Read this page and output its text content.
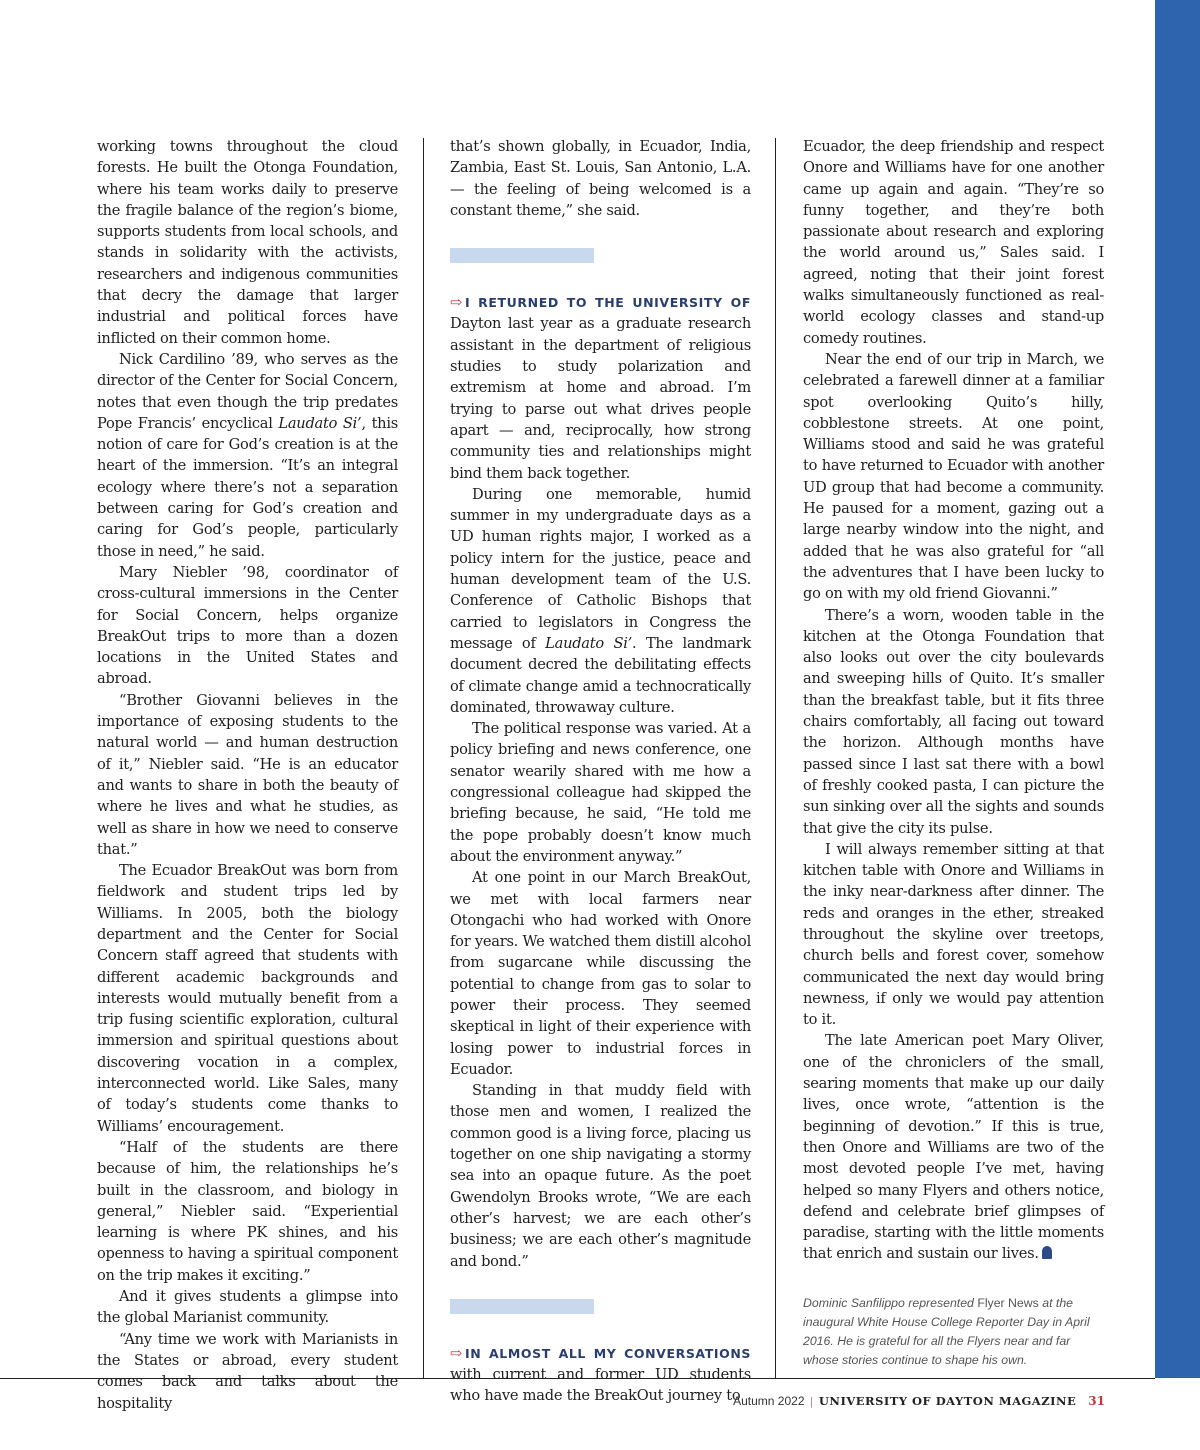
working towns throughout the cloud forests. He built the Otonga Foundation, where his team works daily to preserve the fragile balance of the region’s biome, supports students from local schools, and stands in solidarity with the activists, researchers and indigenous communities that decry the damage that larger industrial and political forces have inflicted on their common home.

Nick Cardilino ’89, who serves as the director of the Center for Social Concern, notes that even though the trip predates Pope Francis’ encyclical Laudato Si’, this notion of care for God’s creation is at the heart of the immersion. “It’s an integral ecology where there’s not a separation between caring for God’s creation and caring for God’s people, particularly those in need,” he said.

Mary Niebler ’98, coordinator of cross-cultural immersions in the Center for Social Concern, helps organize BreakOut trips to more than a dozen locations in the United States and abroad.

“Brother Giovanni believes in the importance of exposing students to the natural world — and human destruction of it,” Niebler said. “He is an educator and wants to share in both the beauty of where he lives and what he studies, as well as share in how we need to conserve that.”

The Ecuador BreakOut was born from fieldwork and student trips led by Williams. In 2005, both the biology department and the Center for Social Concern staff agreed that students with different academic backgrounds and interests would mutually benefit from a trip fusing scientific exploration, cultural immersion and spiritual questions about discovering vocation in a complex, interconnected world. Like Sales, many of today’s students come thanks to Williams’ encouragement.

“Half of the students are there because of him, the relationships he’s built in the classroom, and biology in general,” Niebler said. “Experiential learning is where PK shines, and his openness to having a spiritual component on the trip makes it exciting.”

And it gives students a glimpse into the global Marianist community.

“Any time we work with Marianists in the States or abroad, every student comes back and talks about the hospitality

that’s shown globally, in Ecuador, India, Zambia, East St. Louis, San Antonio, L.A. — the feeling of being welcomed is a constant theme,” she said.

⇨ I RETURNED TO THE UNIVERSITY OF Dayton last year as a graduate research assistant in the department of religious studies to study polarization and extremism at home and abroad. I’m trying to parse out what drives people apart — and, reciprocally, how strong community ties and relationships might bind them back together.

During one memorable, humid summer in my undergraduate days as a UD human rights major, I worked as a policy intern for the justice, peace and human development team of the U.S. Conference of Catholic Bishops that carried to legislators in Congress the message of Laudato Si’. The landmark document decred the debilitating effects of climate change amid a technocratically dominated, throwaway culture.

The political response was varied. At a policy briefing and news conference, one senator wearily shared with me how a congressional colleague had skipped the briefing because, he said, “He told me the pope probably doesn’t know much about the environment anyway.”

At one point in our March BreakOut, we met with local farmers near Otongachi who had worked with Onore for years. We watched them distill alcohol from sugarcane while discussing the potential to change from gas to solar to power their process. They seemed skeptical in light of their experience with losing power to industrial forces in Ecuador.

Standing in that muddy field with those men and women, I realized the common good is a living force, placing us together on one ship navigating a stormy sea into an opaque future. As the poet Gwendolyn Brooks wrote, “We are each other’s harvest; we are each other’s business; we are each other’s magnitude and bond.”

⇨ IN ALMOST ALL MY CONVERSATIONS with current and former UD students who have made the BreakOut journey to

Ecuador, the deep friendship and respect Onore and Williams have for one another came up again and again. “They’re so funny together, and they’re both passionate about research and exploring the world around us,” Sales said. I agreed, noting that their joint forest walks simultaneously functioned as real-world ecology classes and stand-up comedy routines.

Near the end of our trip in March, we celebrated a farewell dinner at a familiar spot overlooking Quito’s hilly, cobblestone streets. At one point, Williams stood and said he was grateful to have returned to Ecuador with another UD group that had become a community. He paused for a moment, gazing out a large nearby window into the night, and added that he was also grateful for “all the adventures that I have been lucky to go on with my old friend Giovanni.”

There’s a worn, wooden table in the kitchen at the Otonga Foundation that also looks out over the city boulevards and sweeping hills of Quito. It’s smaller than the breakfast table, but it fits three chairs comfortably, all facing out toward the horizon. Although months have passed since I last sat there with a bowl of freshly cooked pasta, I can picture the sun sinking over all the sights and sounds that give the city its pulse.

I will always remember sitting at that kitchen table with Onore and Williams in the inky near-darkness after dinner. The reds and oranges in the ether, streaked throughout the skyline over treetops, church bells and forest cover, somehow communicated the next day would bring newness, if only we would pay attention to it.

The late American poet Mary Oliver, one of the chroniclers of the small, searing moments that make up our daily lives, once wrote, “attention is the beginning of devotion.” If this is true, then Onore and Williams are two of the most devoted people I’ve met, having helped so many Flyers and others notice, defend and celebrate brief glimpses of paradise, starting with the little moments that enrich and sustain our lives.

Dominic Sanfilippo represented Flyer News at the inaugural White House College Reporter Day in April 2016. He is grateful for all the Flyers near and far whose stories continue to shape his own.

Autumn 2022 | UNIVERSITY OF DAYTON MAGAZINE 31
